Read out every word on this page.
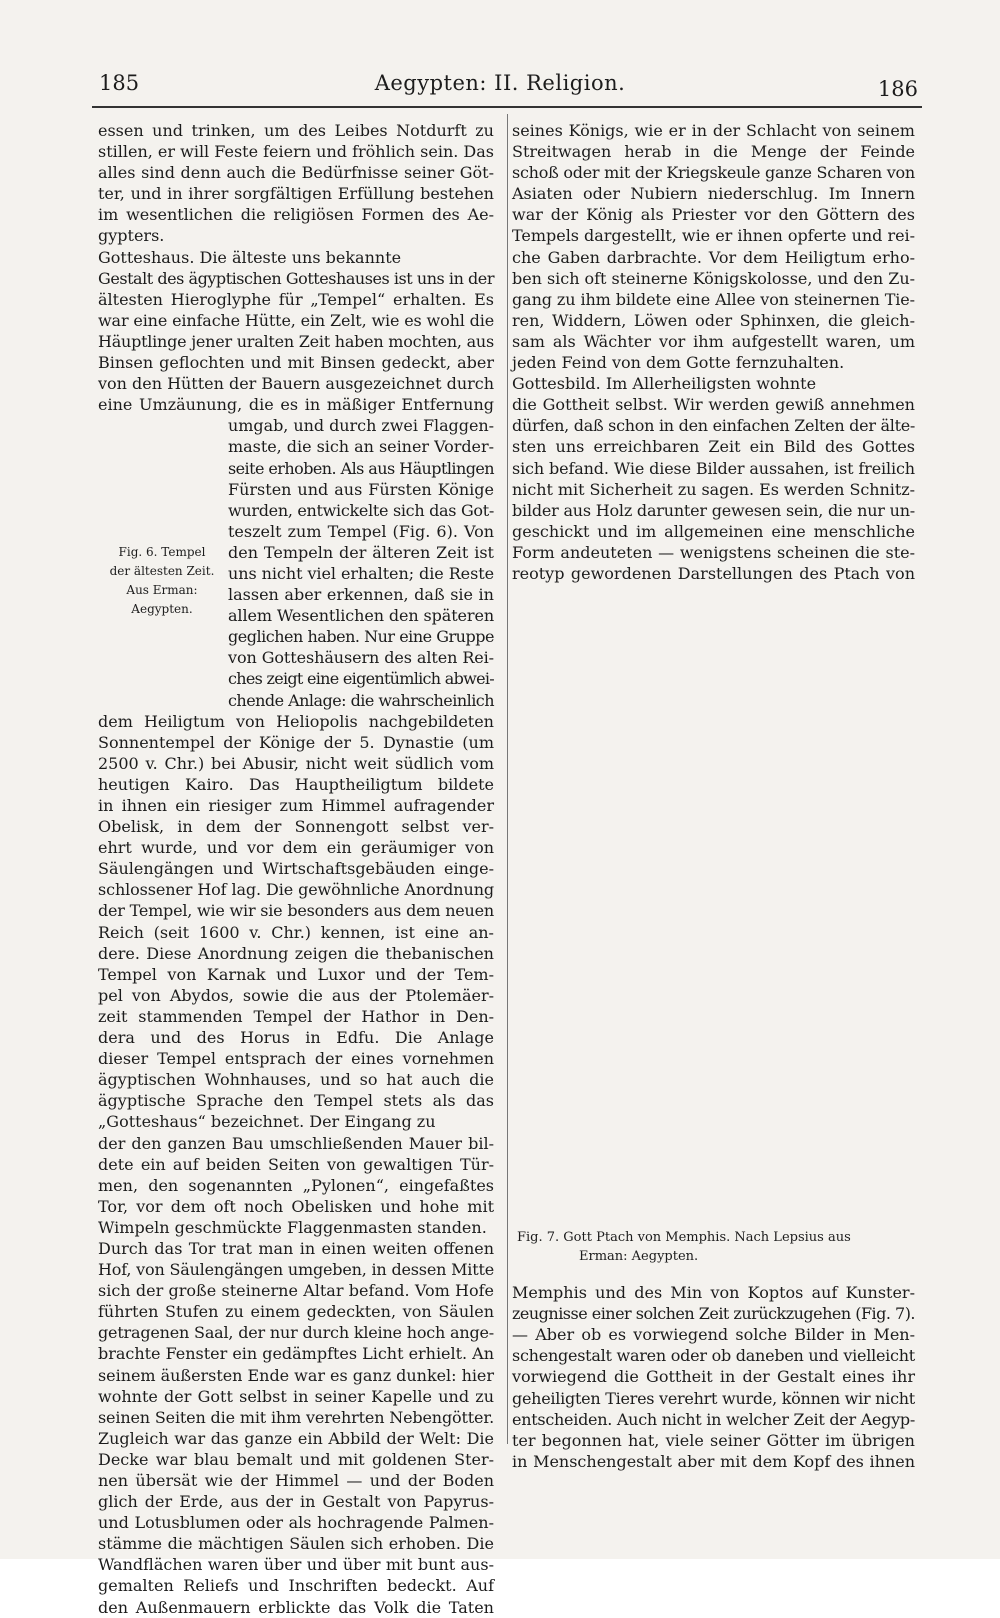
185	Aegypten: II. Religion.	186
essen und trinken, um des Leibes Notdurft zu
stillen, er will Feste feiern und fröhlich sein. Das
alles sind denn auch die Bedürfnisse seiner Göt-
ter, und in ihrer sorgfältigen Erfüllung bestehen
im wesentlichen die religiösen Formen des Ae-
gypters.
Gotteshaus. Die älteste uns bekannte
Gestalt des ägyptischen Gotteshauses ist uns in der
ältesten Hieroglyphe für „Tempel“ erhalten. Es
war eine einfache Hütte, ein Zelt, wie es wohl die
Häuptlinge jener uralten Zeit haben mochten, aus
Binsen geflochten und mit Binsen gedeckt, aber
von den Hütten der Bauern ausgezeichnet durch
eine Umzäunung, die es in mäßiger Entfernung
umgab, und durch zwei Flaggen-
maste, die sich an seiner Vorder-
seite erhoben. Als aus Häuptlingen
Fürsten und aus Fürsten Könige
wurden, entwickelte sich das Got-
teszelt zum Tempel (Fig. 6). Von
den Tempeln der älteren Zeit ist
uns nicht viel erhalten; die Reste
lassen aber erkennen, daß sie in
allem Wesentlichen den späteren
geglichen haben. Nur eine Gruppe
von Gotteshäusern des alten Rei-
ches zeigt eine eigentümlich abwei-
chende Anlage: die wahrscheinlich
dem Heiligtum von Heliopolis nachgebildeten
Sonnentempel der Könige der 5. Dynastie (um
2500 v. Chr.) bei Abusir, nicht weit südlich vom
heutigen Kairo. Das Hauptheiligtum bildete
in ihnen ein riesiger zum Himmel aufragender
Obelisk, in dem der Sonnengott selbst ver-
ehrt wurde, und vor dem ein geräumiger von
Säulengängen und Wirtschaftsgebäuden einge-
schlossener Hof lag. Die gewöhnliche Anordnung
der Tempel, wie wir sie besonders aus dem neuen
Reich (seit 1600 v. Chr.) kennen, ist eine an-
dere. Diese Anordnung zeigen die thebanischen
Tempel von Karnak und Luxor und der Tem-
pel von Abydos, sowie die aus der Ptolemäer-
zeit stammenden Tempel der Hathor in Den-
dera und des Horus in Edfu. Die Anlage
dieser Tempel entsprach der eines vornehmen
ägyptischen Wohnhauses, und so hat auch die
ägyptische Sprache den Tempel stets als das
„Gotteshaus“ bezeichnet. Der Eingang zu
der den ganzen Bau umschließenden Mauer bil-
dete ein auf beiden Seiten von gewaltigen Tür-
men, den sogenannten „Pylonen“, eingefaßtes
Tor, vor dem oft noch Obelisken und hohe mit
Wimpeln geschmückte Flaggenmasten standen.
Durch das Tor trat man in einen weiten offenen
Hof, von Säulengängen umgeben, in dessen Mitte
sich der große steinerne Altar befand. Vom Hofe
führten Stufen zu einem gedeckten, von Säulen
getragenen Saal, der nur durch kleine hoch ange-
brachte Fenster ein gedämpftes Licht erhielt. An
seinem äußersten Ende war es ganz dunkel: hier
wohnte der Gott selbst in seiner Kapelle und zu
seinen Seiten die mit ihm verehrten Nebengötter.
Zugleich war das ganze ein Abbild der Welt: Die
Decke war blau bemalt und mit goldenen Ster-
nen übersät wie der Himmel — und der Boden
glich der Erde, aus der in Gestalt von Papyrus-
und Lotusblumen oder als hochragende Palmen-
stämme die mächtigen Säulen sich erhoben. Die
Wandflächen waren über und über mit bunt aus-
gemalten Reliefs und Inschriften bedeckt. Auf
den Außenmauern erblickte das Volk die Taten
Fig. 6. Tempel
der ältesten Zeit.
Aus Erman:
Aegypten.
seines Königs, wie er in der Schlacht von seinem
Streitwagen herab in die Menge der Feinde
schoß oder mit der Kriegskeule ganze Scharen von
Asiaten oder Nubiern niederschlug. Im Innern
war der König als Priester vor den Göttern des
Tempels dargestellt, wie er ihnen opferte und rei-
che Gaben darbrachte. Vor dem Heiligtum erho-
ben sich oft steinerne Königskolosse, und den Zu-
gang zu ihm bildete eine Allee von steinernen Tie-
ren, Widdern, Löwen oder Sphinxen, die gleich-
sam als Wächter vor ihm aufgestellt waren, um
jeden Feind von dem Gotte fernzuhalten.
Gottesbild. Im Allerheiligsten wohnte
die Gottheit selbst. Wir werden gewiß annehmen
dürfen, daß schon in den einfachen Zelten der älte-
sten uns erreichbaren Zeit ein Bild des Gottes
sich befand. Wie diese Bilder aussahen, ist freilich
nicht mit Sicherheit zu sagen. Es werden Schnitz-
bilder aus Holz darunter gewesen sein, die nur un-
geschickt und im allgemeinen eine menschliche
Form andeuteten — wenigstens scheinen die ste-
reotyp gewordenen Darstellungen des Ptach von
Memphis und des Min von Koptos auf Kunster-
zeugnisse einer solchen Zeit zurückzugehen (Fig. 7).
— Aber ob es vorwiegend solche Bilder in Men-
schengestalt waren oder ob daneben und vielleicht
vorwiegend die Gottheit in der Gestalt eines ihr
geheiligten Tieres verehrt wurde, können wir nicht
entscheiden. Auch nicht in welcher Zeit der Aegyp-
ter begonnen hat, viele seiner Götter im übrigen
in Menschengestalt aber mit dem Kopf des ihnen
Fig. 7. Gott Ptach von Memphis. Nach Lepsius aus
Erman: Aegypten.
